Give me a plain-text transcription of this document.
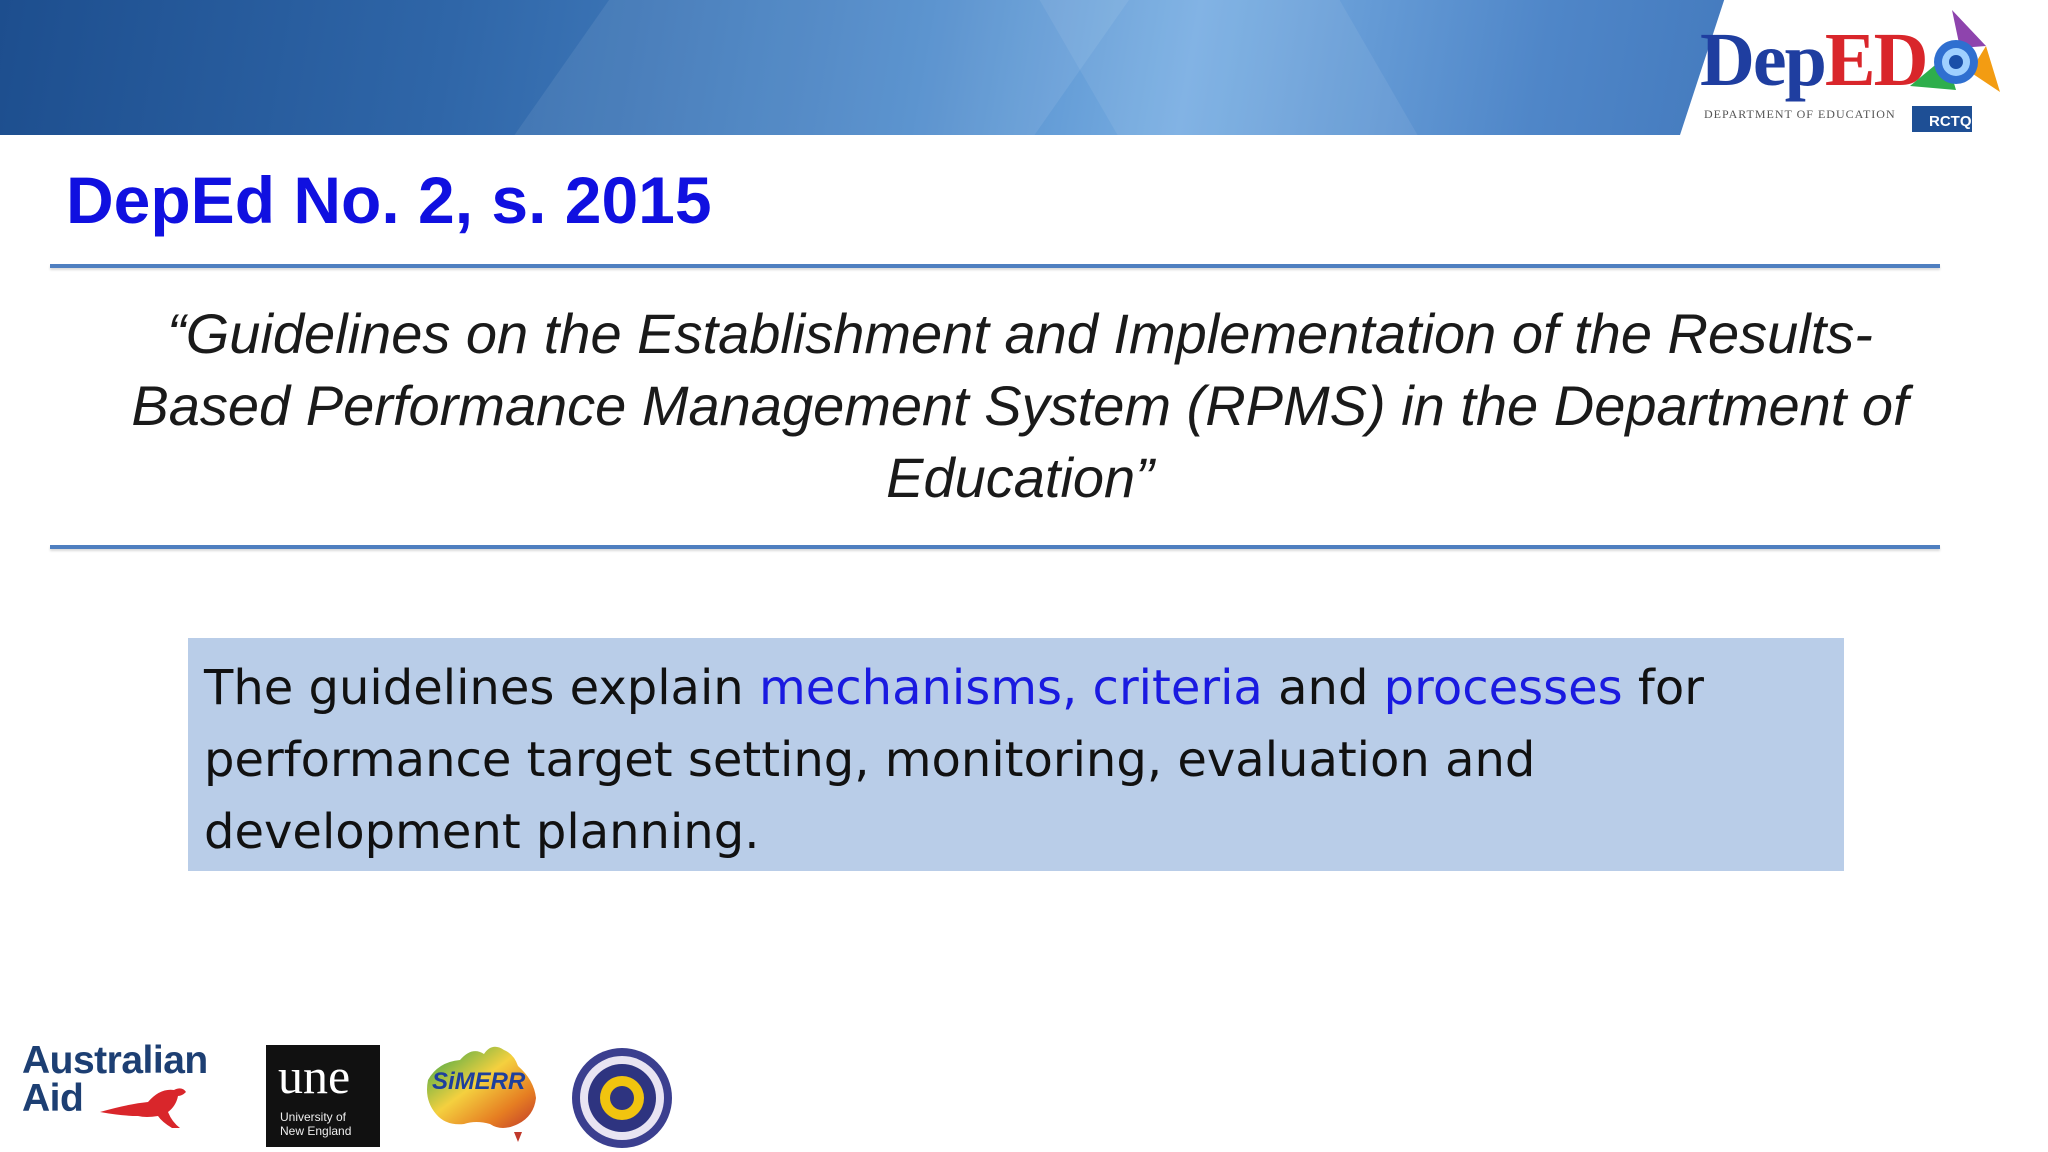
DepED
DEPARTMENT OF EDUCATION RCTQ
DepEd No. 2, s. 2015

“Guidelines on the Establishment and Implementation of the Results-Based Performance Management System (RPMS) in the Department of Education”

The guidelines explain mechanisms, criteria and processes for performance target setting, monitoring, evaluation and development planning.

Australian
Aid	une
University of
New England
SiMERR
